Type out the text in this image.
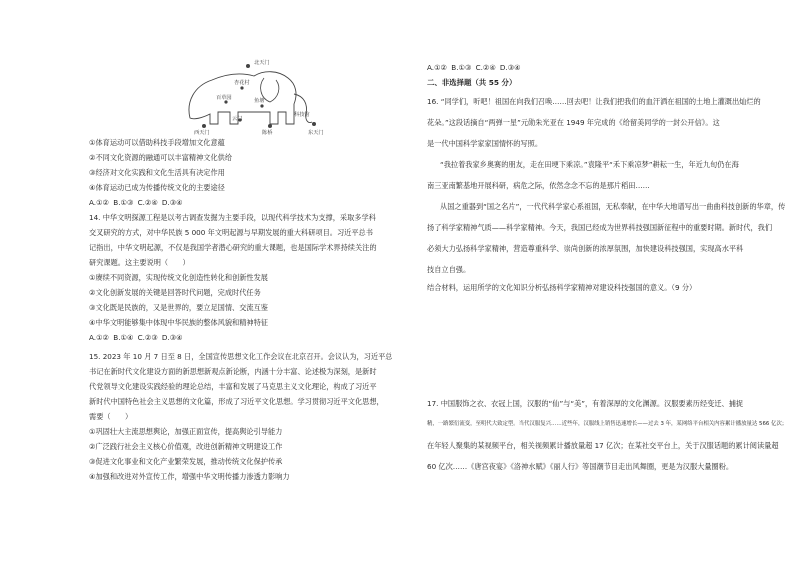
北天门
杏花村
百草园	鱼塘
云门
西天门	陈桥
科技馆
东天门
①体育运动可以借助科技手段增加文化意蕴
②不同文化资源的融通可以丰富精神文化供给
③经济对文化实践和文化生活具有决定作用
④体育运动已成为传播传统文化的主要途径
A.①② B.①③ C.②④ D.③④
14. 中华文明探源工程是以考古调查发掘为主要手段，以现代科学技术为支撑，采取多学科
交叉研究的方式，对中华民族 5 000 年文明起源与早期发展的重大科研项目。习近平总书
记指出，中华文明起源，不仅是我国学者潜心研究的重大课题，也是国际学术界持续关注的
研究课题。这主要说明（　　）
①赓续不同资源，实现传统文化创造性转化和创新性发展
②文化创新发展的关键是回答时代问题，完成时代任务
③文化既是民族的，又是世界的，要立足国情、交流互鉴
④中华文明能够集中体现中华民族的整体风貌和精神特征
A.①② B.①④ C.②③ D.③④
15. 2023 年 10 月 7 日至 8 日，全国宣传思想文化工作会议在北京召开。会议认为，习近平总
书记在新时代文化建设方面的新思想新观点新论断，内涵十分丰富、论述极为深刻，是新时
代党领导文化建设实践经验的理论总结，丰富和发展了马克思主义文化理论，构成了习近平
新时代中国特色社会主义思想的文化篇，形成了习近平文化思想。学习贯彻习近平文化思想，
需要（　　）
①巩固壮大主流思想舆论，加强正面宣传，提高舆论引导能力
②广泛践行社会主义核心价值观，改进创新精神文明建设工作
③促进文化事业和文化产业繁荣发展，推动传统文化保护传承
④加强和改进对外宣传工作，增强中华文明传播力渗透力影响力
A.①② B.①③ C.②④ D.③④
二、非选择题（共 55 分）
16. “同学们，听吧！祖国在向我们召唤……回去吧！让我们把我们的血汗洒在祖国的土地上灌溉出灿烂的
花朵。”这段话摘自“两弹一星”元勋朱光亚在 1949 年完成的《给留美同学的一封公开信》。这
是一代中国科学家家国情怀的写照。
“我拉着我家乡奥赛的朋友，走在田埂下乘凉。”袁隆平“禾下乘凉梦”耕耘一生，年近九旬仍在海
南三亚南繁基地开展科研，病危之际，依然念念不忘的是那片稻田……
从国之重器到“国之名片”，一代代科学家心系祖国，无私奉献，在中华大地谱写出一曲曲科技创新的华章，传
扬了科学家精神气质——科学家精神。今天，我国已经成为世界科技强国新征程中的重要时期。新时代，我们
必须大力弘扬科学家精神，营造尊重科学、崇尚创新的浓厚氛围，加快建设科技强国，实现高水平科
技自立自强。
结合材料，运用所学的文化知识分析弘扬科学家精神对建设科技强国的意义。（9 分）
17. 中国服饰之衣、衣冠上国，汉服的“仙”与“美”，有着深厚的文化渊源。汉服要素历经变迁、捕捉
精，一路繁衍流变，至明代大致定型。当代汉服复兴……近些年，汉服线上销售迅速增长——过去 3 年，某网络平台相关内容累计播放量达 566 亿次；
在年轻人聚集的某视频平台，相关视频累计播放量超 17 亿次；在某社交平台上，关于汉服话题的累计阅读量超
60 亿次……《唐宫夜宴》《洛神水赋》《丽人行》等国潮节目走出风舞圈，更是为汉服大量圈粉。
